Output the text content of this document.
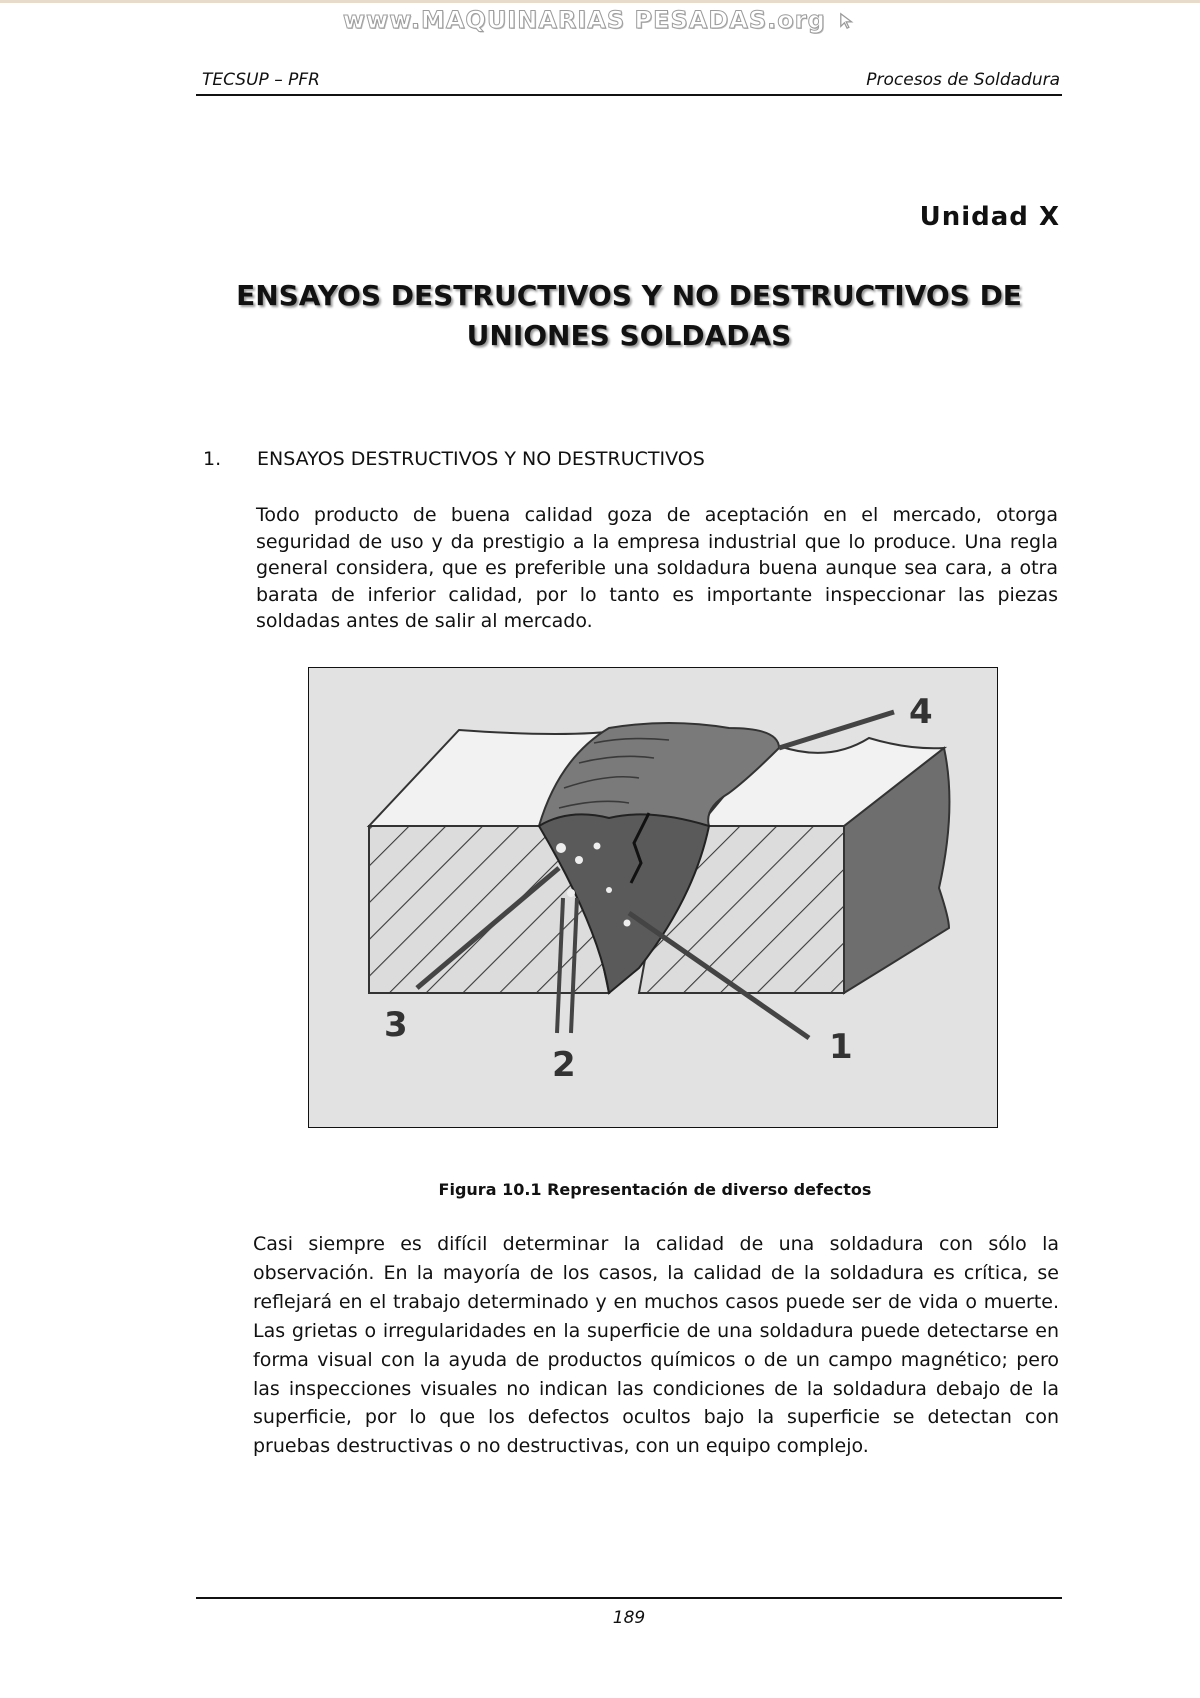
www.MAQUINARIAS PESADAS.org
TECSUP – PFR	Procesos de Soldadura
Unidad X
ENSAYOS DESTRUCTIVOS Y NO DESTRUCTIVOS DE
UNIONES SOLDADAS
1. ENSAYOS DESTRUCTIVOS Y NO DESTRUCTIVOS
Todo producto de buena calidad goza de aceptación en el mercado, otorga seguridad de uso y da prestigio a la empresa industrial que lo produce. Una regla general considera, que es preferible una soldadura buena aunque sea cara, a otra barata de inferior calidad, por lo tanto es importante inspeccionar las piezas soldadas antes de salir al mercado.
3
2	1
4
Figura 10.1 Representación de diverso defectos
Casi siempre es difícil determinar la calidad de una soldadura con sólo la observación. En la mayoría de los casos, la calidad de la soldadura es crítica, se reflejará en el trabajo determinado y en muchos casos puede ser de vida o muerte. Las grietas o irregularidades en la superficie de una soldadura puede detectarse en forma visual con la ayuda de productos químicos o de un campo magnético; pero las inspecciones visuales no indican las condiciones de la soldadura debajo de la superficie, por lo que los defectos ocultos bajo la superficie se detectan con pruebas destructivas o no destructivas, con un equipo complejo.
189
